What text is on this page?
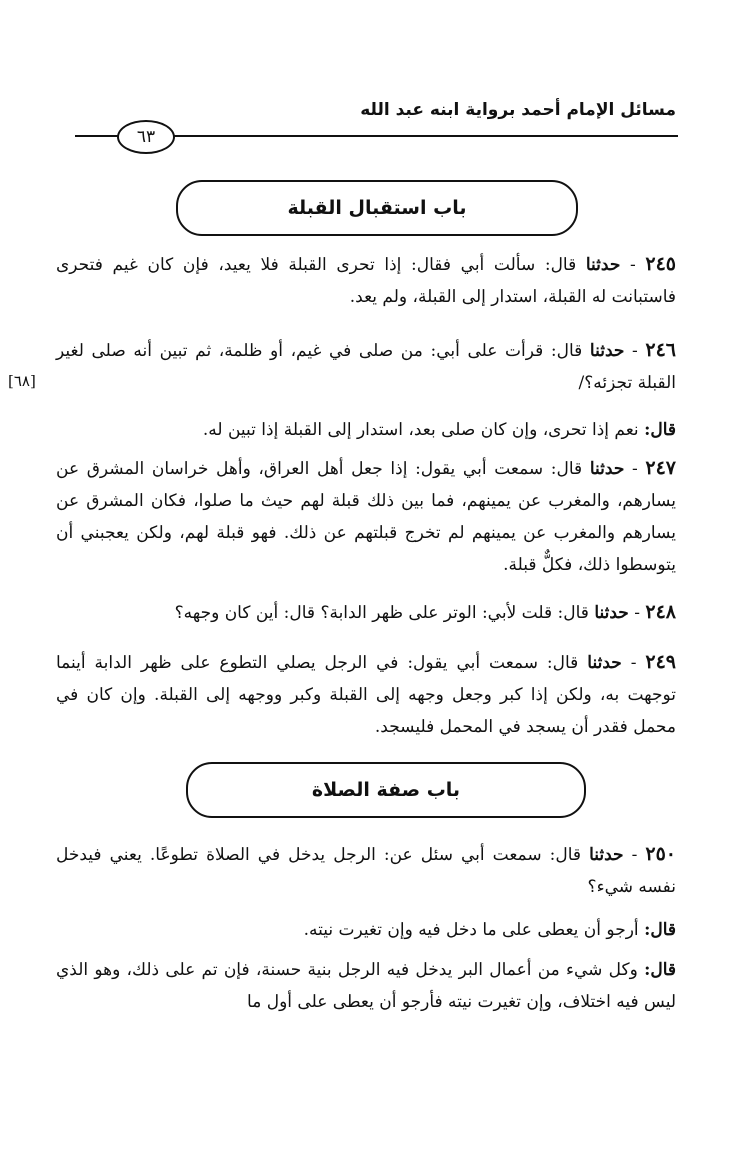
مسائل الإمام أحمد برواية ابنه عبد الله
٦٣
باب استقبال القبلة
٢٤٥ - حدثنا قال: سألت أبي فقال: إذا تحرى القبلة فلا يعيد، فإن كان غيم فتحرى فاستبانت له القبلة، استدار إلى القبلة، ولم يعد.
٢٤٦ - حدثنا قال: قرأت على أبي: من صلى في غيم، أو ظلمة، ثم تبين أنه صلى لغير القبلة تجزئه؟/
[٦٨]
قال: نعم إذا تحرى، وإن كان صلى بعد، استدار إلى القبلة إذا تبين له.
٢٤٧ - حدثنا قال: سمعت أبي يقول: إذا جعل أهل العراق، وأهل خراسان المشرق عن يسارهم، والمغرب عن يمينهم، فما بين ذلك قبلة لهم حيث ما صلوا، فكان المشرق عن يسارهم والمغرب عن يمينهم لم تخرج قبلتهم عن ذلك. فهو قبلة لهم، ولكن يعجبني أن يتوسطوا ذلك، فكلٌّ قبلة.
٢٤٨ - حدثنا قال: قلت لأبي: الوتر على ظهر الدابة؟ قال: أين كان وجهه؟
٢٤٩ - حدثنا قال: سمعت أبي يقول: في الرجل يصلي التطوع على ظهر الدابة أينما توجهت به، ولكن إذا كبر وجعل وجهه إلى القبلة وكبر ووجهه إلى القبلة. وإن كان في محمل فقدر أن يسجد في المحمل فليسجد.
باب صفة الصلاة
٢٥٠ - حدثنا قال: سمعت أبي سئل عن: الرجل يدخل في الصلاة تطوعًا. يعني فيدخل نفسه شيء؟
قال: أرجو أن يعطى على ما دخل فيه وإن تغيرت نيته.
قال: وكل شيء من أعمال البر يدخل فيه الرجل بنية حسنة، فإن تم على ذلك، وهو الذي ليس فيه اختلاف، وإن تغيرت نيته فأرجو أن يعطى على أول ما
